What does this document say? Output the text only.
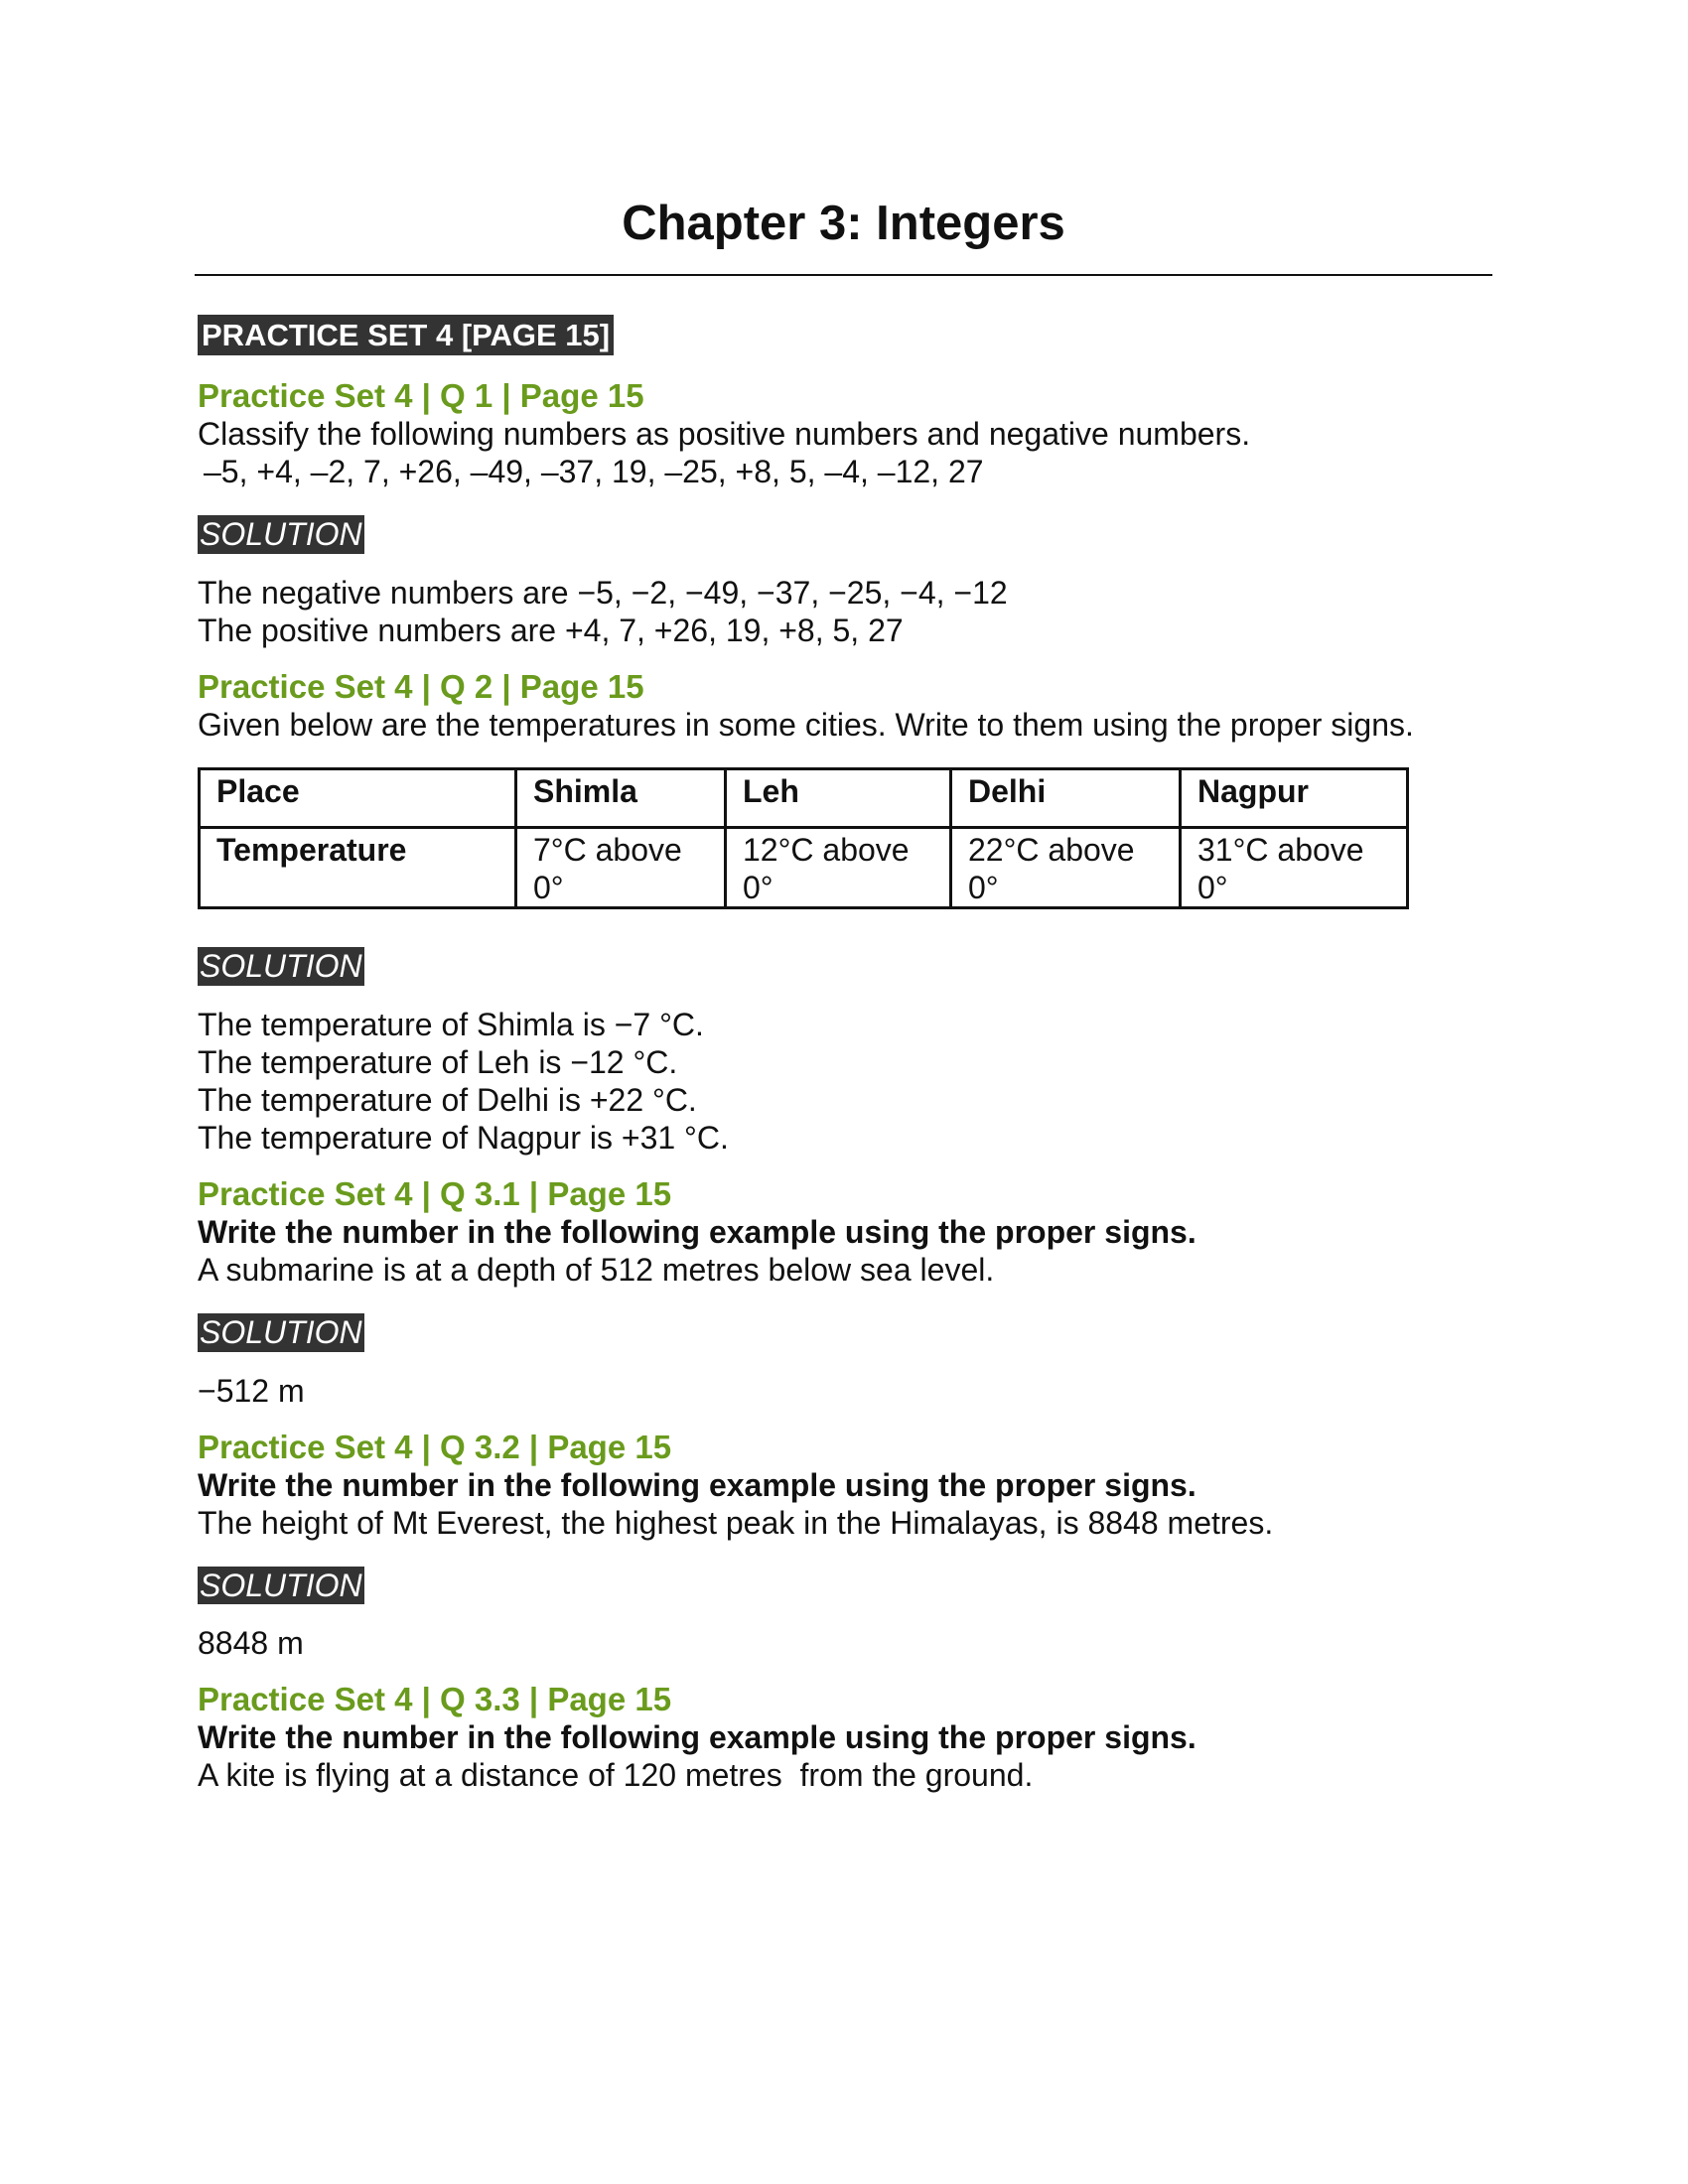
Chapter 3: Integers
PRACTICE SET 4 [PAGE 15]
Practice Set 4 | Q 1 | Page 15

Classify the following numbers as positive numbers and negative numbers.

–5, +4, –2, 7, +26, –49, –37, 19, –25, +8, 5, –4, –12, 27

SOLUTION

The negative numbers are −5, −2, −49, −37, −25, −4, −12

The positive numbers are +4, 7, +26, 19, +8, 5, 27

Practice Set 4 | Q 2 | Page 15

Given below are the temperatures in some cities. Write to them using the proper signs.

Place	Shimla	Leh	Delhi	Nagpur
Temperature	7°C above 0°	12°C above 0°	22°C above 0°	31°C above 0°
SOLUTION

The temperature of Shimla is −7 °C.

The temperature of Leh is −12 °C.

The temperature of Delhi is +22 °C.

The temperature of Nagpur is +31 °C.

Practice Set 4 | Q 3.1 | Page 15

Write the number in the following example using the proper signs.

A submarine is at a depth of 512 metres below sea level.

SOLUTION

−512 m

Practice Set 4 | Q 3.2 | Page 15

Write the number in the following example using the proper signs.

The height of Mt Everest, the highest peak in the Himalayas, is 8848 metres.

SOLUTION

8848 m

Practice Set 4 | Q 3.3 | Page 15

Write the number in the following example using the proper signs.

A kite is flying at a distance of 120 metres  from the ground.
